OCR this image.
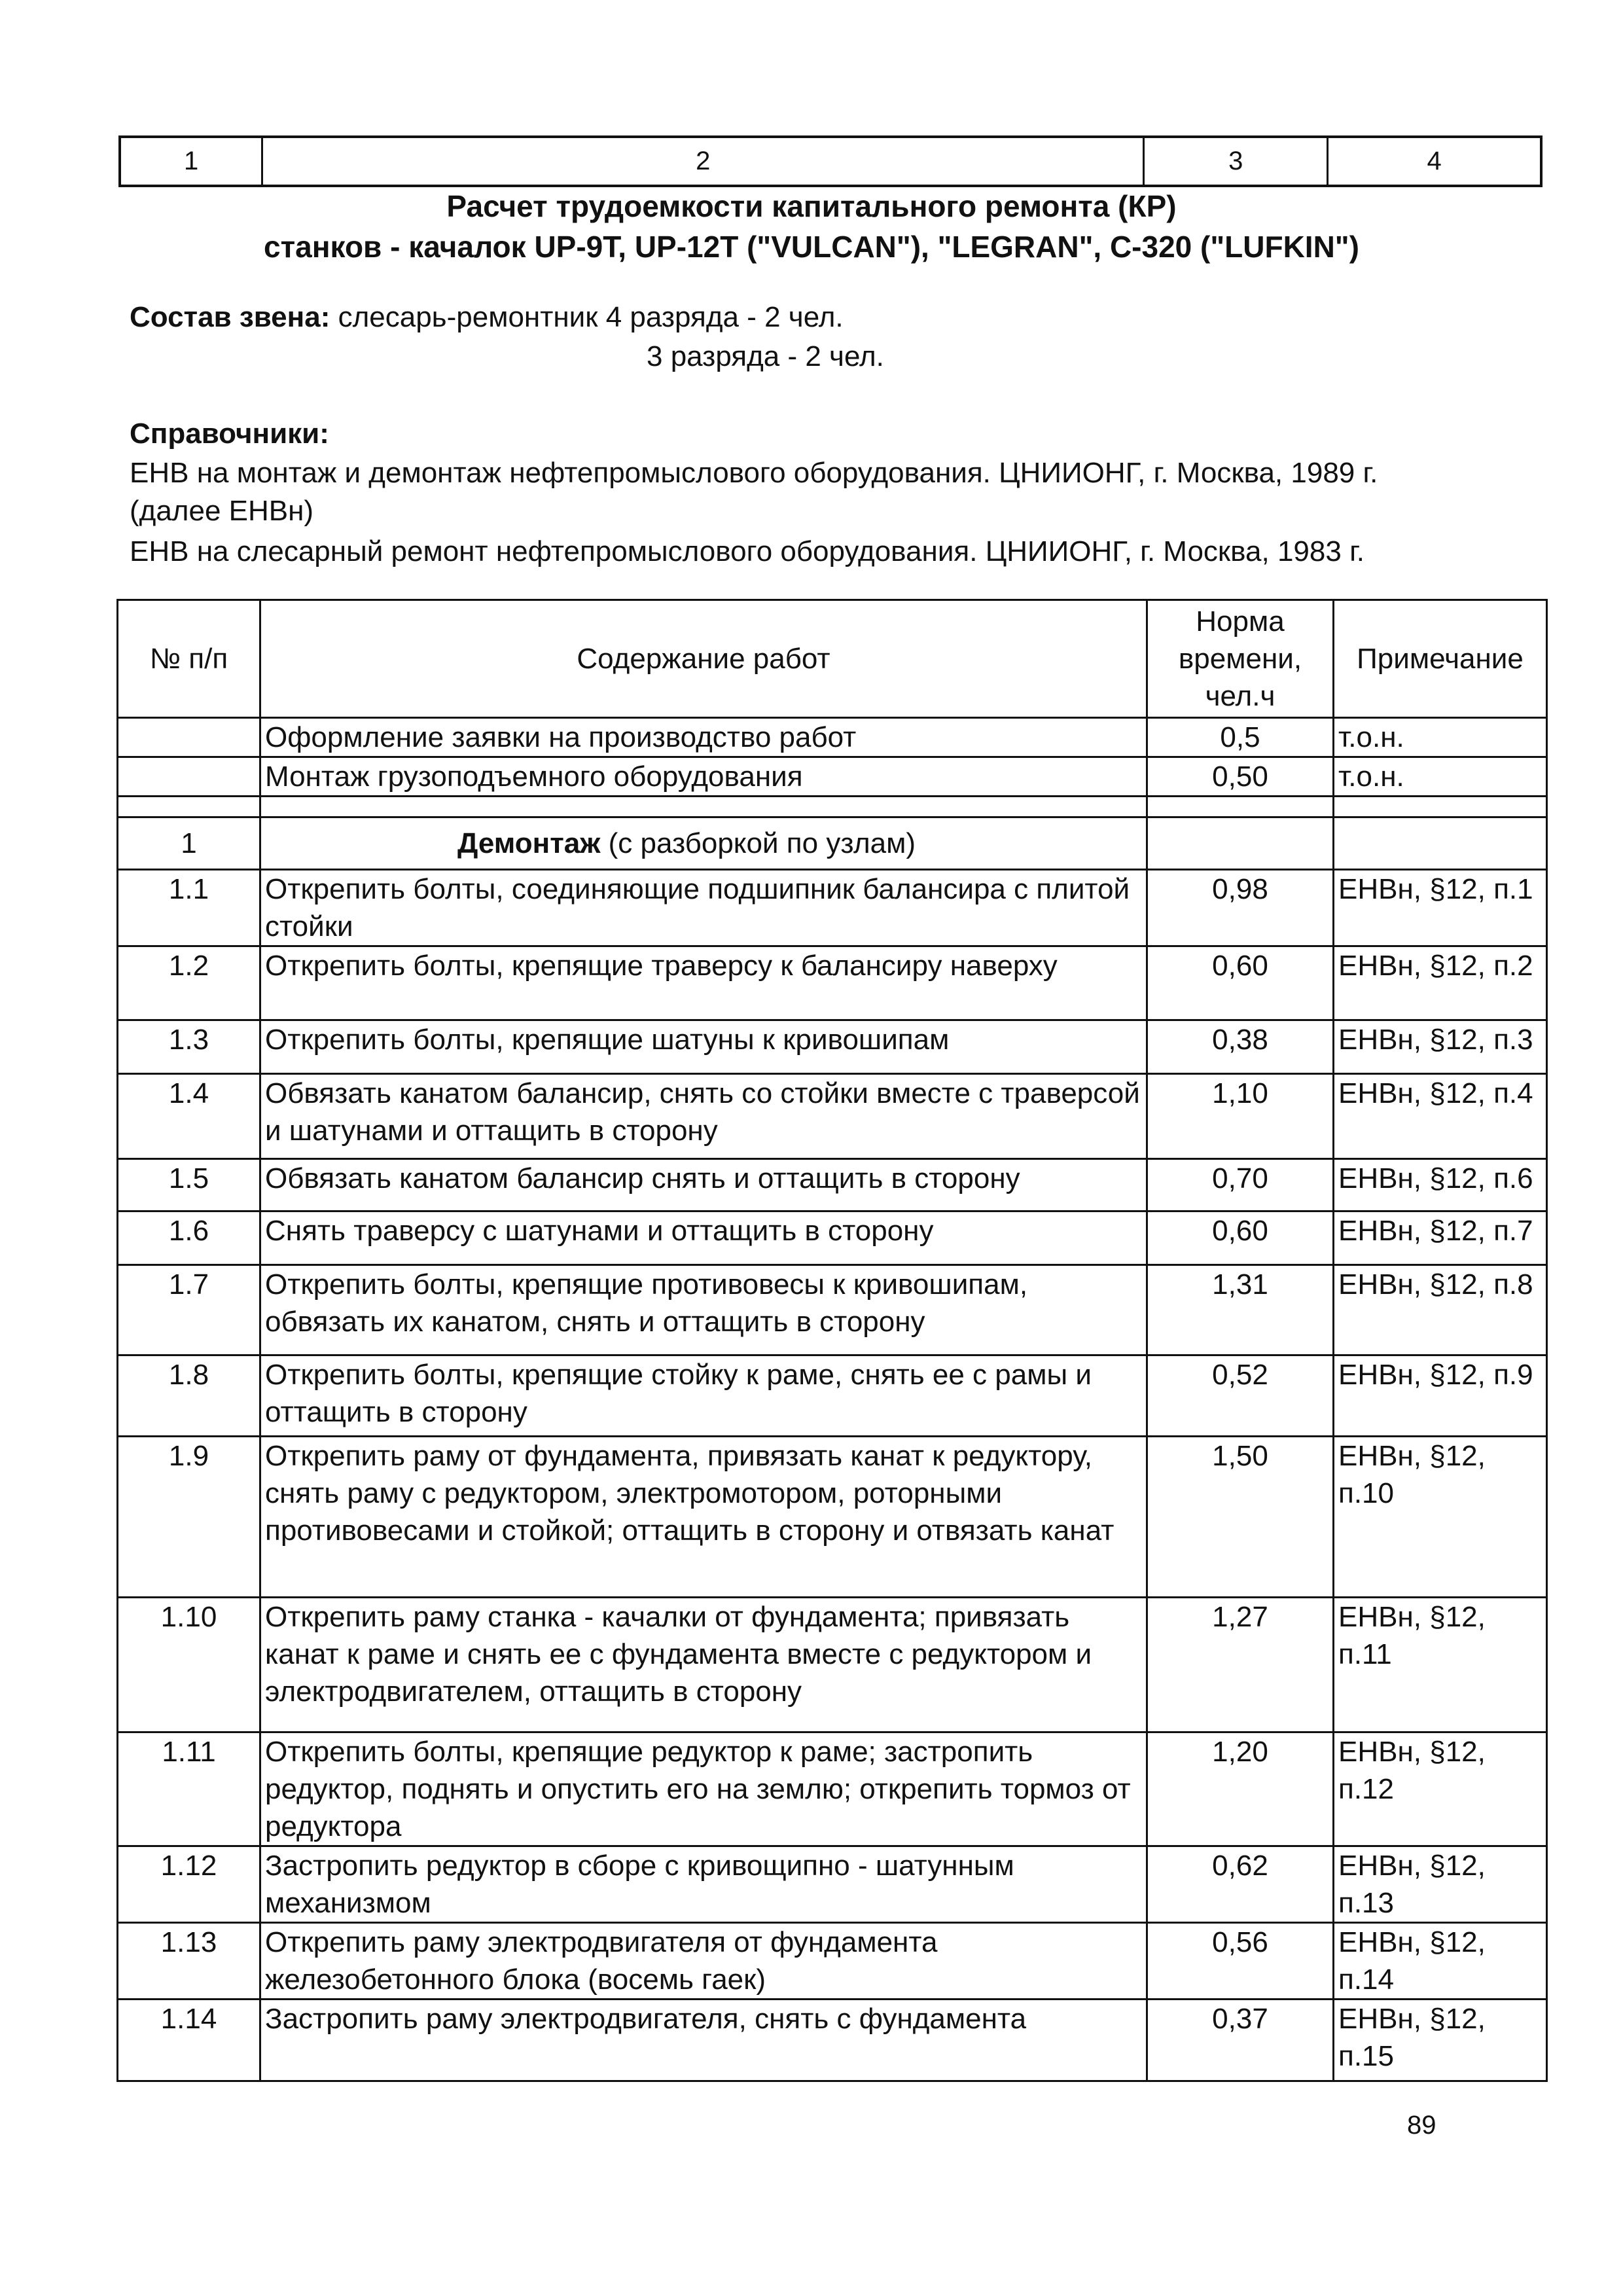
1	2	3	4
Расчет трудоемкости капитального ремонта (КР)
станков - качалок UP-9T, UP-12T ("VULCAN"), "LEGRAN", C-320 ("LUFKIN")
Состав звена: слесарь-ремонтник 4 разряда - 2 чел.
3 разряда - 2 чел.
Справочники:
ЕНВ на монтаж и демонтаж нефтепромыслового оборудования. ЦНИИОНГ, г. Москва, 1989 г.
(далее ЕНВн)
ЕНВ на слесарный ремонт нефтепромыслового оборудования. ЦНИИОНГ, г. Москва, 1983 г.
№ п/п	Содержание работ	Норма времени, чел.ч	Примечание
	Оформление заявки на производство работ	0,5	т.о.н.
	Монтаж грузоподъемного оборудования	0,50	т.о.н.

1	Демонтаж (с разборкой по узлам)		
1.1	Открепить болты, соединяющие подшипник балансира с плитой стойки	0,98	ЕНВн, §12, п.1
1.2	Открепить болты, крепящие траверсу к балансиру наверху	0,60	ЕНВн, §12, п.2
1.3	Открепить болты, крепящие шатуны к кривошипам	0,38	ЕНВн, §12, п.3
1.4	Обвязать канатом балансир, снять со стойки вместе с траверсой и шатунами и оттащить в сторону	1,10	ЕНВн, §12, п.4
1.5	Обвязать канатом балансир снять и оттащить в сторону	0,70	ЕНВн, §12, п.6
1.6	Снять траверсу с шатунами и оттащить в сторону	0,60	ЕНВн, §12, п.7
1.7	Открепить болты, крепящие противовесы к кривошипам, обвязать их канатом, снять и оттащить в сторону	1,31	ЕНВн, §12, п.8
1.8	Открепить болты, крепящие стойку к раме, снять ее с рамы и оттащить в сторону	0,52	ЕНВн, §12, п.9
1.9	Открепить раму от фундамента, привязать канат к редуктору, снять раму с редуктором, электромотором, роторными противовесами и стойкой; оттащить в сторону и отвязать канат	1,50	ЕНВн, §12, п.10
1.10	Открепить раму станка - качалки от фундамента; привязать канат к раме и снять ее с фундамента вместе с редуктором и электродвигателем, оттащить в сторону	1,27	ЕНВн, §12, п.11
1.11	Открепить болты, крепящие редуктор к раме; застропить редуктор, поднять и опустить его на землю; открепить тормоз от редуктора	1,20	ЕНВн, §12, п.12
1.12	Застропить редуктор в сборе с кривощипно - шатунным механизмом	0,62	ЕНВн, §12, п.13
1.13	Открепить раму электродвигателя от фундамента железобетонного блока (восемь гаек)	0,56	ЕНВн, §12, п.14
1.14	Застропить раму электродвигателя, снять с фундамента	0,37	ЕНВн, §12, п.15
89
